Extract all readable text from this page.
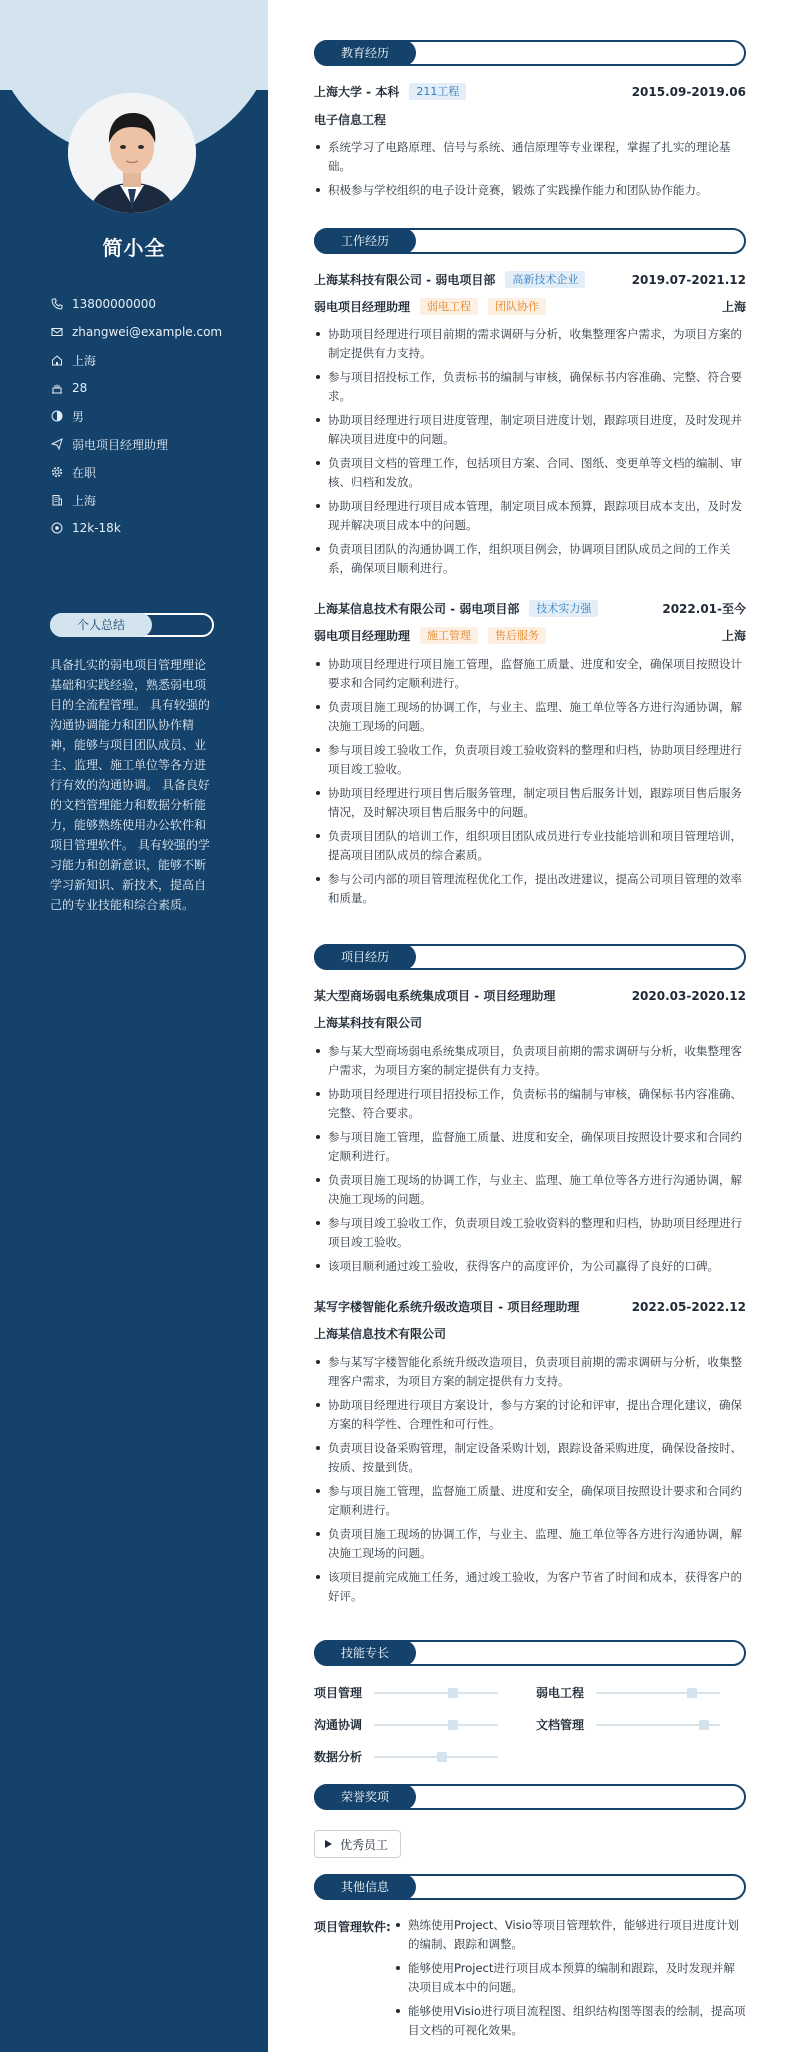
简小全
13800000000
zhangwei@example.com
上海
28
男
弱电项目经理助理
在职
上海
12k-18k
个人总结
具备扎实的弱电项目管理理论基础和实践经验，熟悉弱电项目的全流程管理。 具有较强的沟通协调能力和团队协作精神，能够与项目团队成员、业主、监理、施工单位等各方进行有效的沟通协调。 具备良好的文档管理能力和数据分析能力，能够熟练使用办公软件和项目管理软件。 具有较强的学习能力和创新意识，能够不断学习新知识、新技术，提高自己的专业技能和综合素质。
教育经历
上海大学 - 本科	211工程	2015.09-2019.06
电子信息工程
系统学习了电路原理、信号与系统、通信原理等专业课程，掌握了扎实的理论基础。
积极参与学校组织的电子设计竞赛，锻炼了实践操作能力和团队协作能力。
工作经历
上海某科技有限公司 - 弱电项目部	高新技术企业	2019.07-2021.12
弱电项目经理助理	弱电工程	团队协作	上海
协助项目经理进行项目前期的需求调研与分析，收集整理客户需求，为项目方案的制定提供有力支持。
参与项目招投标工作，负责标书的编制与审核，确保标书内容准确、完整、符合要求。
协助项目经理进行项目进度管理，制定项目进度计划，跟踪项目进度，及时发现并解决项目进度中的问题。
负责项目文档的管理工作，包括项目方案、合同、图纸、变更单等文档的编制、审核、归档和发放。
协助项目经理进行项目成本管理，制定项目成本预算，跟踪项目成本支出，及时发现并解决项目成本中的问题。
负责项目团队的沟通协调工作，组织项目例会，协调项目团队成员之间的工作关系，确保项目顺利进行。
上海某信息技术有限公司 - 弱电项目部	技术实力强	2022.01-至今
弱电项目经理助理	施工管理	售后服务	上海
协助项目经理进行项目施工管理，监督施工质量、进度和安全，确保项目按照设计要求和合同约定顺利进行。
负责项目施工现场的协调工作，与业主、监理、施工单位等各方进行沟通协调，解决施工现场的问题。
参与项目竣工验收工作，负责项目竣工验收资料的整理和归档，协助项目经理进行项目竣工验收。
协助项目经理进行项目售后服务管理，制定项目售后服务计划，跟踪项目售后服务情况，及时解决项目售后服务中的问题。
负责项目团队的培训工作，组织项目团队成员进行专业技能培训和项目管理培训，提高项目团队成员的综合素质。
参与公司内部的项目管理流程优化工作，提出改进建议，提高公司项目管理的效率和质量。
项目经历
某大型商场弱电系统集成项目 - 项目经理助理	2020.03-2020.12
上海某科技有限公司
参与某大型商场弱电系统集成项目，负责项目前期的需求调研与分析，收集整理客户需求，为项目方案的制定提供有力支持。
协助项目经理进行项目招投标工作，负责标书的编制与审核，确保标书内容准确、完整、符合要求。
参与项目施工管理，监督施工质量、进度和安全，确保项目按照设计要求和合同约定顺利进行。
负责项目施工现场的协调工作，与业主、监理、施工单位等各方进行沟通协调，解决施工现场的问题。
参与项目竣工验收工作，负责项目竣工验收资料的整理和归档，协助项目经理进行项目竣工验收。
该项目顺利通过竣工验收，获得客户的高度评价，为公司赢得了良好的口碑。
某写字楼智能化系统升级改造项目 - 项目经理助理	2022.05-2022.12
上海某信息技术有限公司
参与某写字楼智能化系统升级改造项目，负责项目前期的需求调研与分析，收集整理客户需求，为项目方案的制定提供有力支持。
协助项目经理进行项目方案设计，参与方案的讨论和评审，提出合理化建议，确保方案的科学性、合理性和可行性。
负责项目设备采购管理，制定设备采购计划，跟踪设备采购进度，确保设备按时、按质、按量到货。
参与项目施工管理，监督施工质量、进度和安全，确保项目按照设计要求和合同约定顺利进行。
负责项目施工现场的协调工作，与业主、监理、施工单位等各方进行沟通协调，解决施工现场的问题。
该项目提前完成施工任务，通过竣工验收，为客户节省了时间和成本，获得客户的好评。
技能专长
项目管理	弱电工程
沟通协调	文档管理
数据分析
荣誉奖项
优秀员工
其他信息
项目管理软件:	熟练使用Project、Visio等项目管理软件，能够进行项目进度计划的编制、跟踪和调整。
能够使用Project进行项目成本预算的编制和跟踪，及时发现并解决项目成本中的问题。
能够使用Visio进行项目流程图、组织结构图等图表的绘制，提高项目文档的可视化效果。
